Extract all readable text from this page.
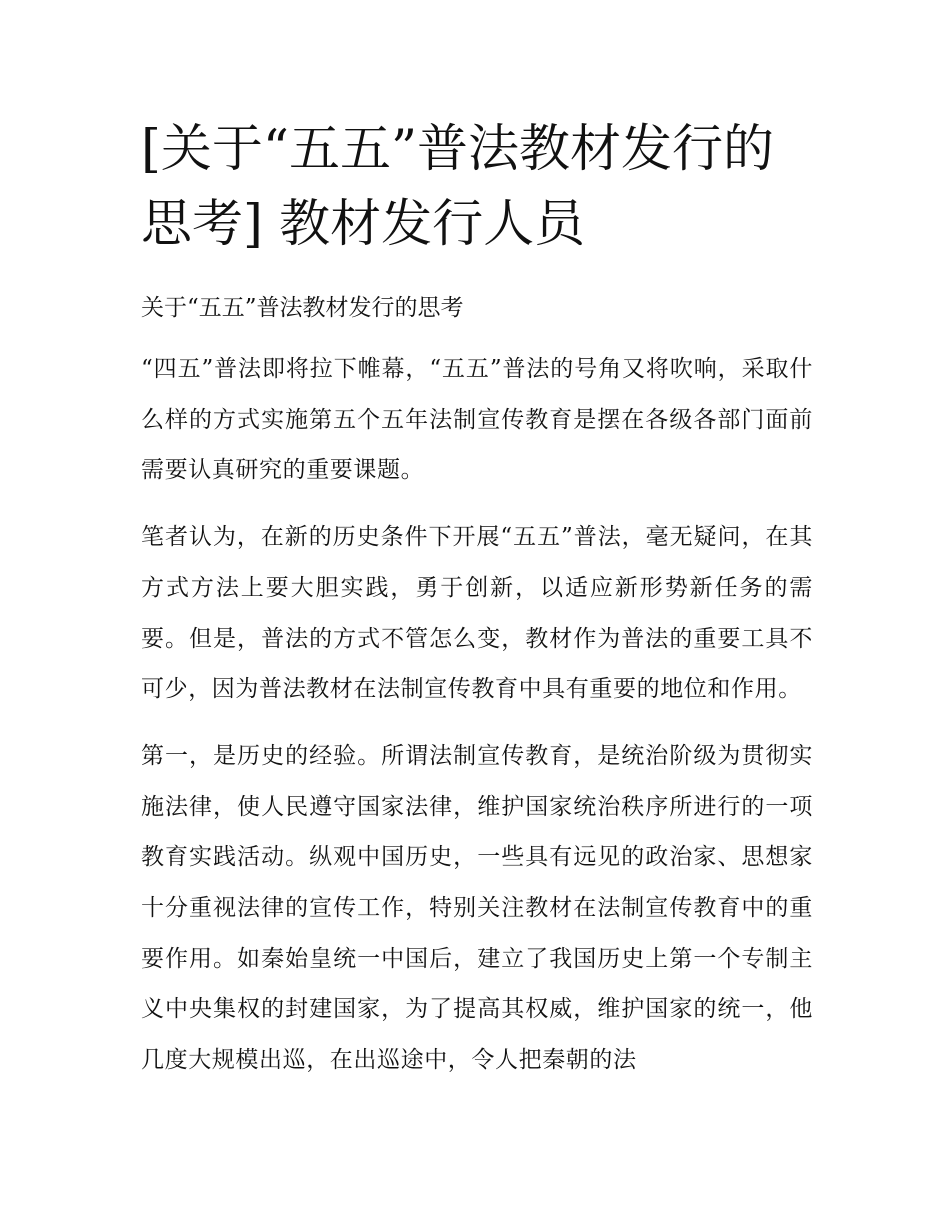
[关于“五五”普法教材发行的思考] 教材发行人员

关于“五五”普法教材发行的思考

“四五”普法即将拉下帷幕，“五五”普法的号角又将吹响，采取什么样的方式实施第五个五年法制宣传教育是摆在各级各部门面前需要认真研究的重要课题。

笔者认为，在新的历史条件下开展“五五”普法，毫无疑问，在其方式方法上要大胆实践，勇于创新，以适应新形势新任务的需要。但是，普法的方式不管怎么变，教材作为普法的重要工具不可少，因为普法教材在法制宣传教育中具有重要的地位和作用。

第一，是历史的经验。所谓法制宣传教育，是统治阶级为贯彻实施法律，使人民遵守国家法律，维护国家统治秩序所进行的一项教育实践活动。纵观中国历史，一些具有远见的政治家、思想家十分重视法律的宣传工作，特别关注教材在法制宣传教育中的重要作用。如秦始皇统一中国后，建立了我国历史上第一个专制主义中央集权的封建国家，为了提高其权威，维护国家的统一，他几度大规模出巡，在出巡途中，令人把秦朝的法
